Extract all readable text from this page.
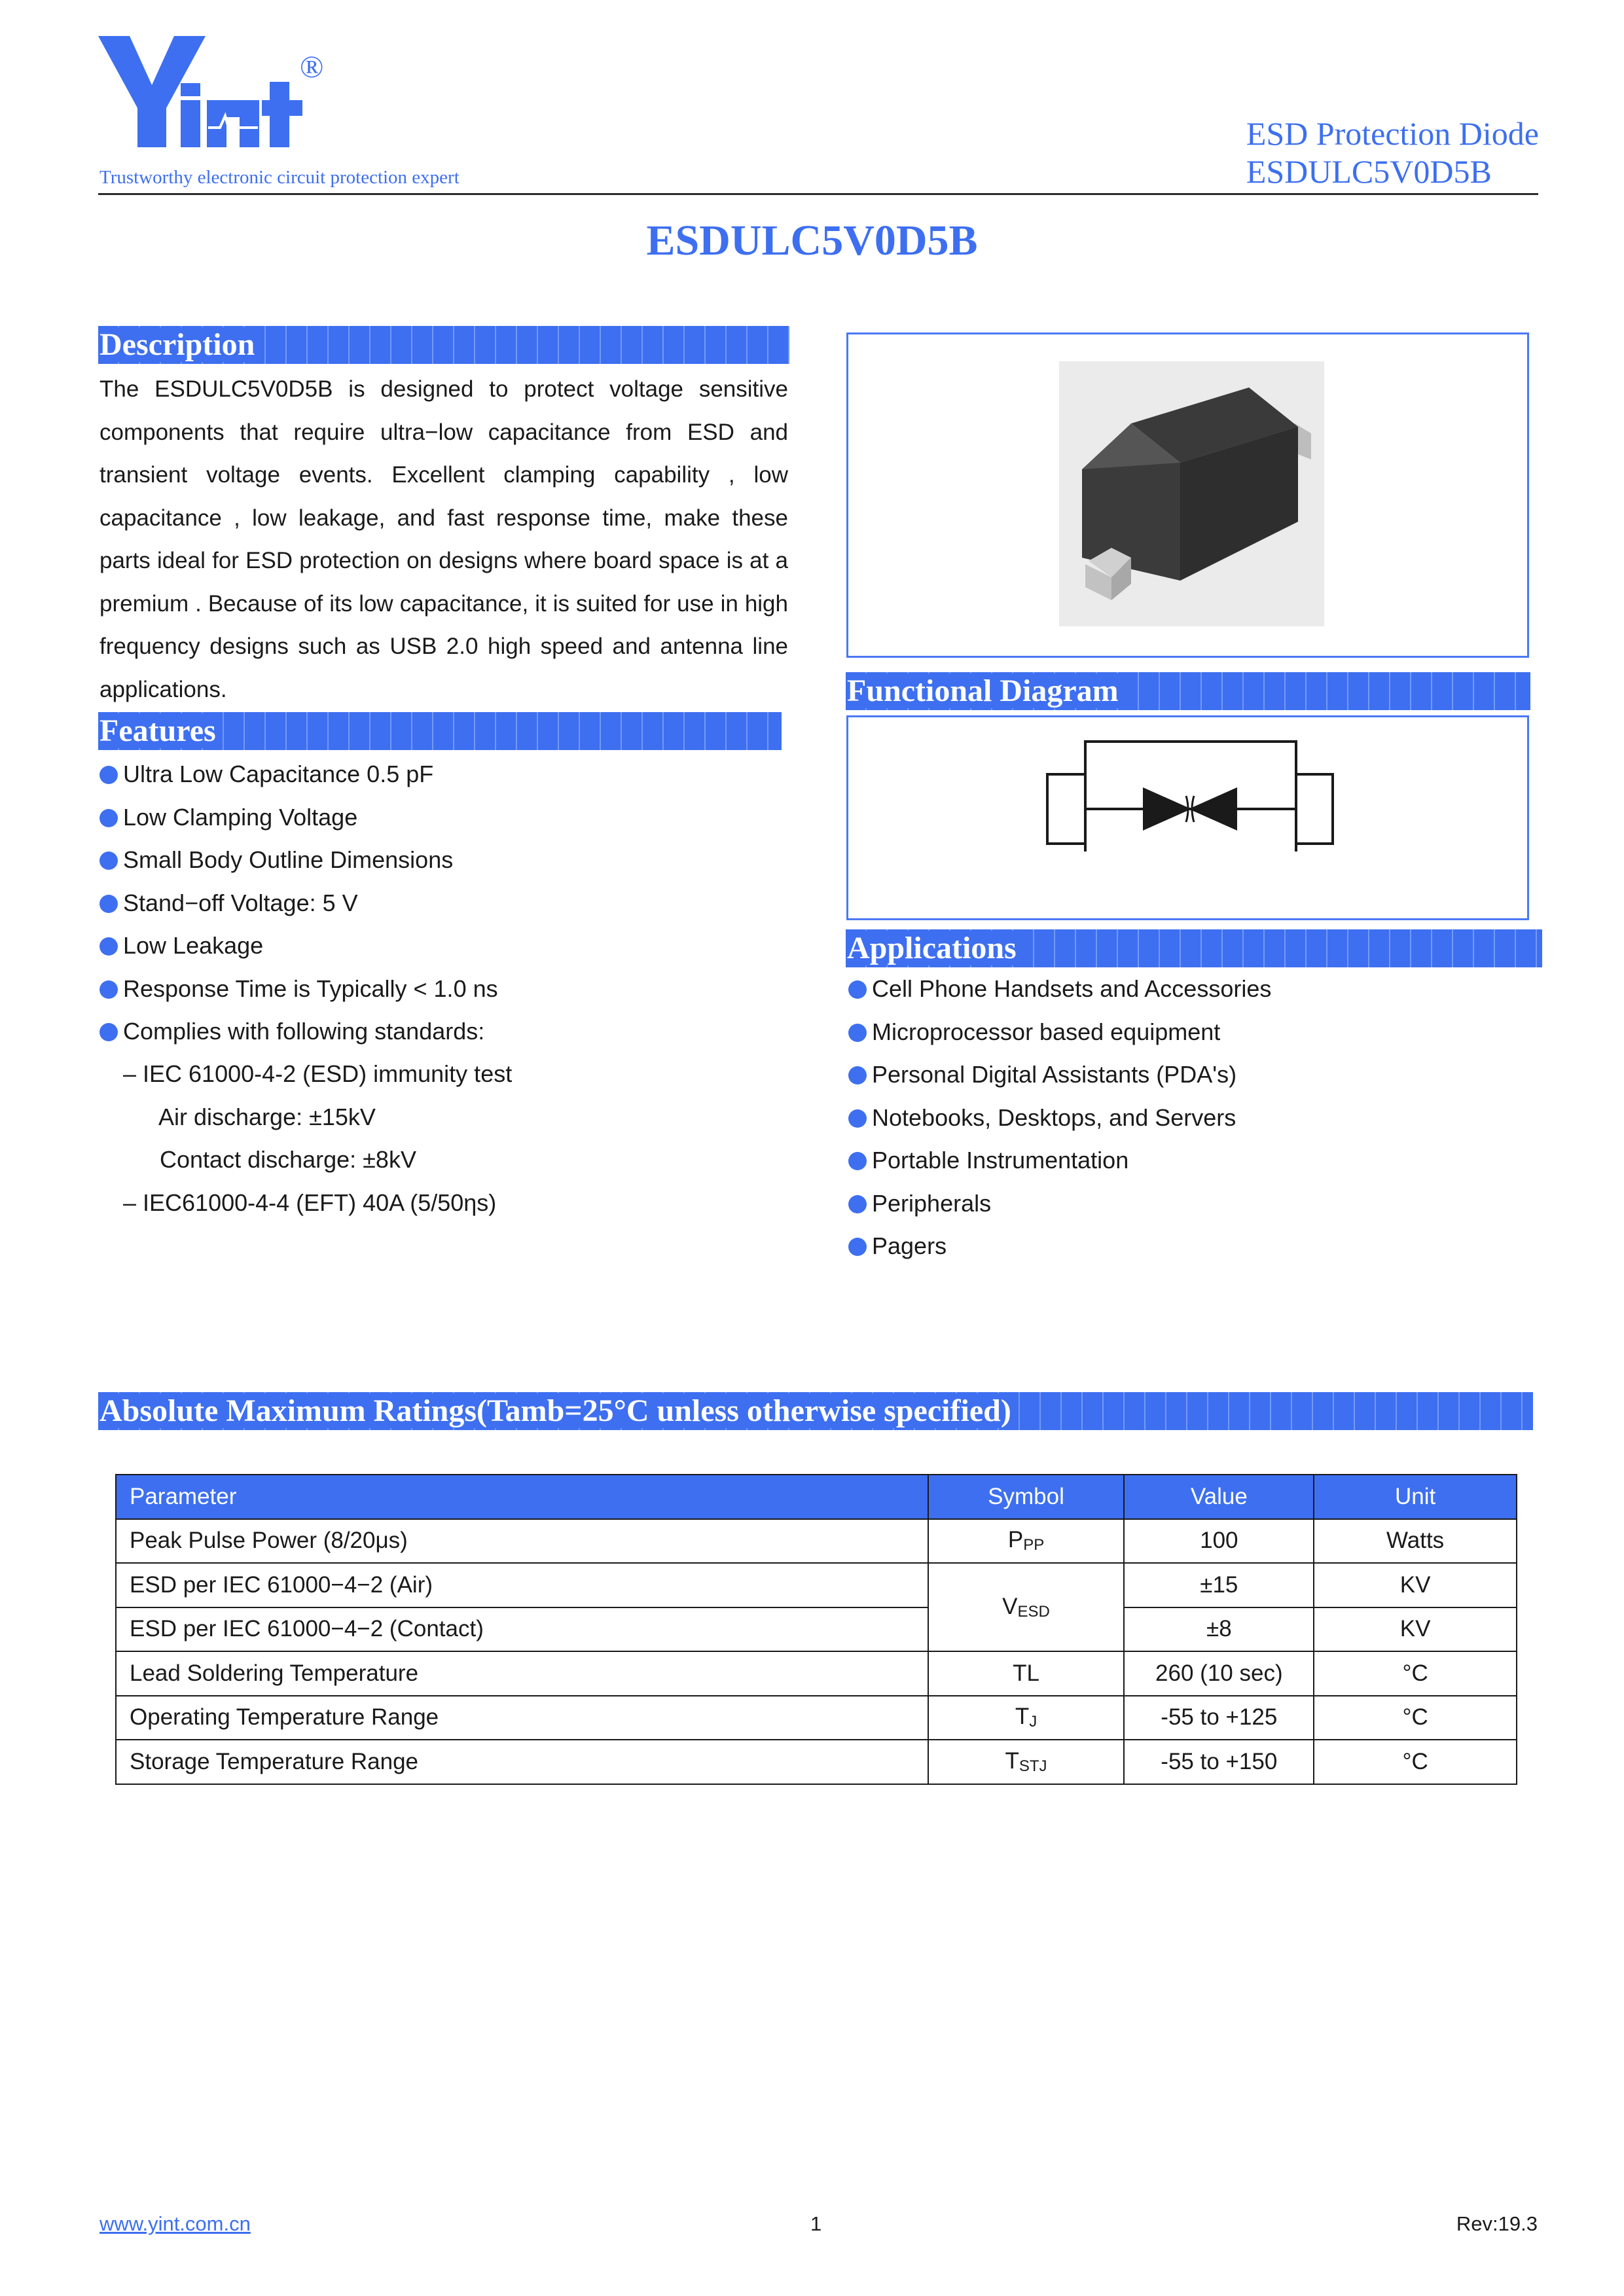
®
Trustworthy electronic circuit protection expert
ESD Protection Diode
ESDULC5V0D5B
ESDULC5V0D5B
Description

The ESDULC5V0D5B is designed to protect voltage sensitive components that require ultra−low capacitance from ESD and transient voltage events. Excellent clamping capability , low capacitance , low leakage, and fast response time, make these parts ideal for ESD protection on designs where board space is at a premium . Because of its low capacitance, it is suited for use in high frequency designs such as USB 2.0 high speed and antenna line applications.

Features
Ultra Low Capacitance 0.5 pF
Low Clamping Voltage
Small Body Outline Dimensions
Stand−off Voltage: 5 V
Low Leakage
Response Time is Typically < 1.0 ns
Complies with following standards:
– IEC 61000-4-2 (ESD) immunity test
Air discharge: ±15kV
Contact discharge: ±8kV
– IEC61000-4-4 (EFT) 40A (5/50ηs)
Functional Diagram
Applications
Cell Phone Handsets and Accessories
Microprocessor based equipment
Personal Digital Assistants (PDA's)
Notebooks, Desktops, and Servers
Portable Instrumentation
Peripherals
Pagers
Absolute Maximum Ratings(Tamb=25°C unless otherwise specified)
Parameter	Symbol	Value	Unit
Peak Pulse Power (8/20μs)	PPP	100	Watts
ESD per IEC 61000−4−2 (Air)	VESD	±15	KV
ESD per IEC 61000−4−2 (Contact)		±8	KV
Lead Soldering Temperature	TL	260 (10 sec)	°C
Operating Temperature Range	TJ	-55 to +125	°C
Storage Temperature Range	TSTJ	-55 to +150	°C
www.yint.com.cn	1	Rev:19.3
